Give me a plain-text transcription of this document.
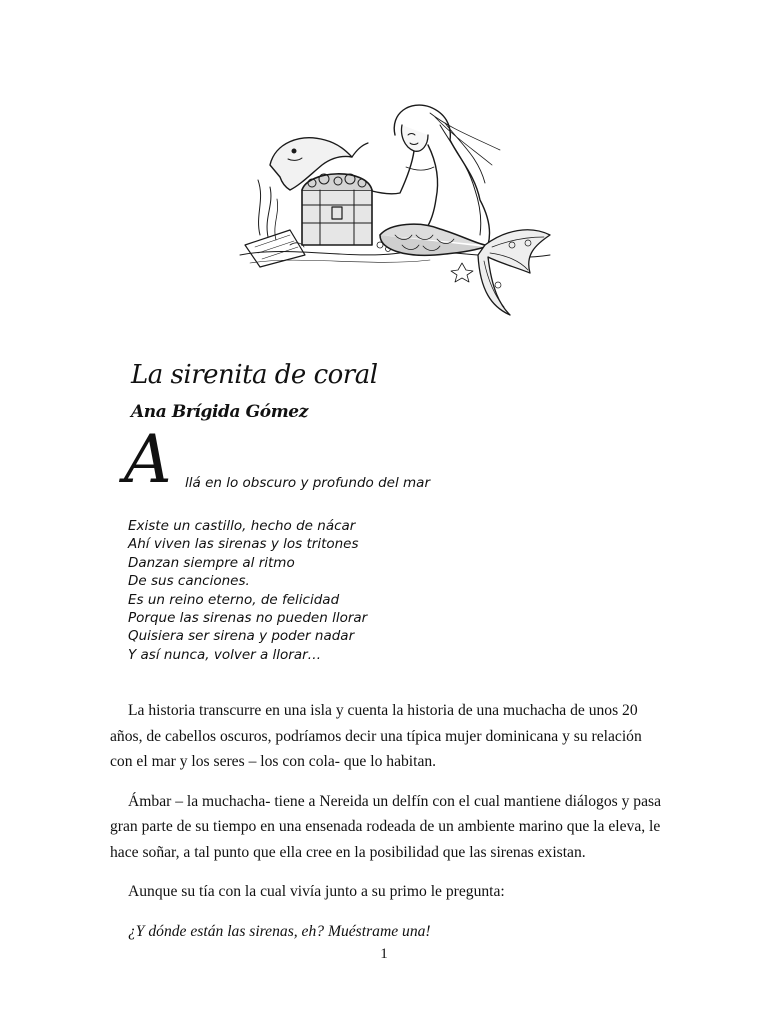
La sirenita de coral
Ana Brígida Gómez
A llá en lo obscuro y profundo del mar
Existe un castillo, hecho de nácar
Ahí viven las sirenas y los tritones
Danzan siempre al ritmo
De sus canciones.
Es un reino eterno, de felicidad
Porque las sirenas no pueden llorar
Quisiera ser sirena y poder nadar
Y así nunca, volver a llorar…

La historia transcurre en una isla y cuenta la historia de una muchacha de unos 20 años, de cabellos oscuros, podríamos decir una típica mujer dominicana y su relación con el mar y los seres – los con cola- que lo habitan.

Ámbar – la muchacha- tiene a Nereida un delfín con el cual mantiene diálogos y pasa gran parte de su tiempo en una ensenada rodeada de un ambiente marino que la eleva, le hace soñar, a tal punto que ella cree en la posibilidad que las sirenas existan.

Aunque su tía con la cual vivía junto a su primo le pregunta:

¿Y dónde están las sirenas, eh? Muéstrame una!

1
